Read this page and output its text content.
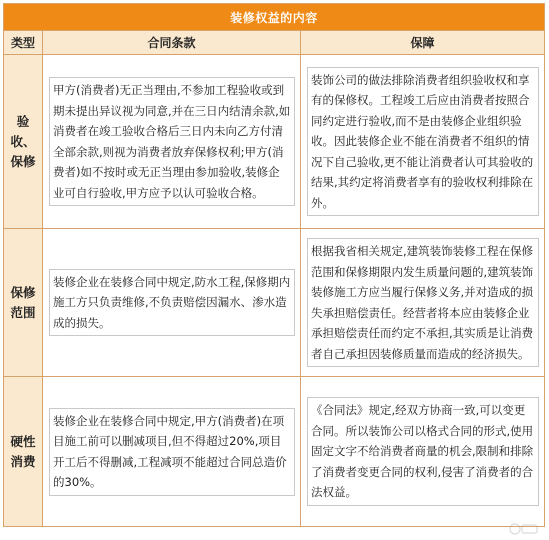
装修权益的内容		
类型	合同条款	保障

验
收、
保修	甲方(消费者)无正当理由,不参加工程验收或到期未提出异议视为同意,并在三日内结清余款,如消费者在竣工验收合格后三日内未向乙方付清全部余款,则视为消费者放弃保修权利;甲方(消费者)如不按时或无正当理由参加验收,装修企业可自行验收,甲方应予以认可验收合格。	装饰公司的做法排除消费者组织验收权和享有的保修权。工程竣工后应由消费者按照合同约定进行验收,而不是由装修企业组织验收。因此装修企业不能在消费者不组织的情况下自己验收,更不能让消费者认可其验收的结果,其约定将消费者享有的验收权利排除在外。

保修
范围	装修企业在装修合同中规定,防水工程,保修期内施工方只负责维修,不负责赔偿因漏水、渗水造成的损失。	根据我省相关规定,建筑装饰装修工程在保修范围和保修期限内发生质量问题的,建筑装饰装修施工方应当履行保修义务,并对造成的损失承担赔偿责任。经营者将本应由装修企业承担赔偿责任而约定不承担,其实质是让消费者自己承担因装修质量而造成的经济损失。

硬性
消费	装修企业在装修合同中规定,甲方(消费者)在项目施工前可以删减项目,但不得超过20%,项目开工后不得删减,工程减项不能超过合同总造价的30%。	《合同法》规定,经双方协商一致,可以变更合同。所以装饰公司以格式合同的形式,使用固定文字不给消费者商量的机会,限制和排除了消费者变更合同的权利,侵害了消费者的合法权益。
